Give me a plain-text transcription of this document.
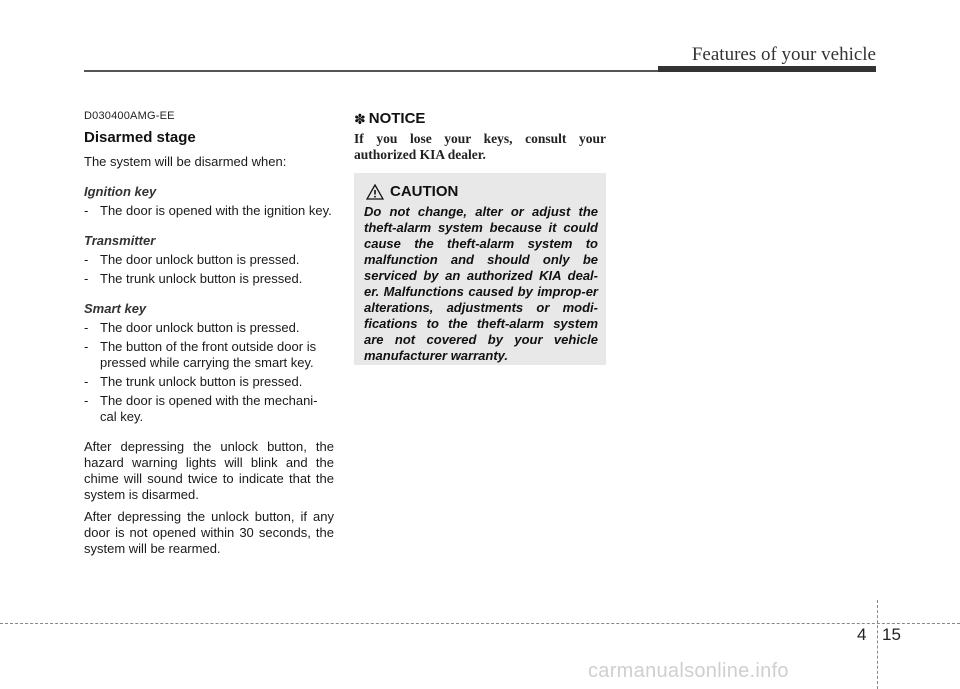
Features of your vehicle
D030400AMG-EE
Disarmed stage

The system will be disarmed when:

Ignition key
- The door is opened with the ignition key.
Transmitter
- The door unlock button is pressed.
- The trunk unlock button is pressed.
Smart key
- The door unlock button is pressed.
- The button of the front outside door is pressed while carrying the smart key.
- The trunk unlock button is pressed.
- The door is opened with the mechani-cal key.

After depressing the unlock button, the hazard warning lights will blink and the chime will sound twice to indicate that the system is disarmed.

After depressing the unlock button, if any door is not opened within 30 seconds, the system will be rearmed.

✽ NOTICE

If you lose your keys, consult your authorized KIA dealer.

CAUTION

Do not change, alter or adjust the theft-alarm system because it could cause the theft-alarm system to malfunction and should only be serviced by an authorized KIA deal-er. Malfunctions caused by improp-er alterations, adjustments or modi-fications to the theft-alarm system are not covered by your vehicle manufacturer warranty.

4 15
carmanualsonline.info
